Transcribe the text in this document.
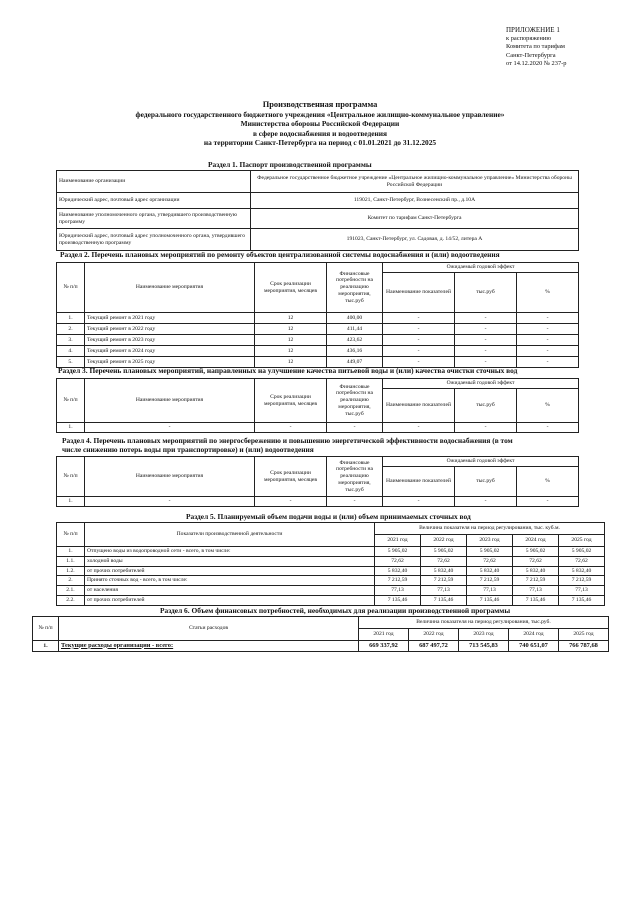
ПРИЛОЖЕНИЕ 1
к распоряжению
Комитета по тарифам
Санкт-Петербурга
от 14.12.2020 № 237-р
Производственная программа
федерального государственного бюджетного учреждения «Центральное жилищно-коммунальное управление»
Министерства обороны Российской Федерации
в сфере водоснабжения и водоотведения
на территории Санкт-Петербурга на период с 01.01.2021 до 31.12.2025
Раздел 1. Паспорт производственной программы
Наименование организации	Федеральное государственное бюджетное учреждение «Центральное жилищно-коммунальное управление» Министерства обороны Российской Федерации
Юридический адрес, почтовый адрес организации	119021, Санкт-Петербург, Вознесенский пр., д.10А
Наименование уполномоченного органа, утвердившего производственную программу	Комитет по тарифам Санкт-Петербурга
Юридический адрес, почтовый адрес уполномоченного органа, утвердившего производственную программу	191023, Санкт-Петербург, ул. Садовая, д. 14/52, литера А
Раздел 2. Перечень плановых мероприятий по ремонту объектов централизованной системы водоснабжения и (или) водоотведения
№ п/п	Наименование мероприятия	Срок реализации мероприятия, месяцев	Финансовые потребности на реализацию мероприятия, тыс.руб	Ожидаемый годовой эффект		
				Наименование показателей	тыс.руб	%
1.	Текущий ремонт в 2021 году	12	400,00	-	-	-
2.	Текущий ремонт в 2022 году	12	411,44	-	-	-
3.	Текущий ремонт в 2023 году	12	423,62	-	-	-
4.	Текущий ремонт в 2024 году	12	436,16	-	-	-
5.	Текущий ремонт в 2025 году	12	449,07	-	-	-
Раздел 3. Перечень плановых мероприятий, направленных на улучшение качества питьевой воды и (или) качества очистки сточных вод
№ п/п	Наименование мероприятия	Срок реализации мероприятия, месяцев	Финансовые потребности на реализацию мероприятия, тыс.руб	Ожидаемый годовой эффект		
				Наименование показателей	тыс.руб	%
1.	-	-	-	-	-	-
Раздел 4. Перечень плановых мероприятий по энергосбережению и повышению энергетической эффективности водоснабжения (в том
числе снижению потерь воды при транспортировке) и (или) водоотведения
№ п/п	Наименование мероприятия	Срок реализации мероприятия, месяцев	Финансовые потребности на реализацию мероприятия, тыс.руб	Ожидаемый годовой эффект		
				Наименование показателей	тыс.руб	%
1.	-	-	-	-	-	-
Раздел 5. Планируемый объем подачи воды и (или) объем принимаемых сточных вод
№ п/п	Показатели производственной деятельности	Величина показателя на период регулирования, тыс. куб.м.				
		2021 год	2022 год	2023 год	2024 год	2025 год
1.	Отпущено воды из водопроводной сети - всего, в том числе:	5 905,02	5 905,02	5 905,02	5 905,02	5 905,02
1.1.	холодной воды	72,62	72,62	72,62	72,62	72,62
1.2.	от прочих потребителей	5 832,40	5 832,40	5 832,40	5 832,40	5 832,40
2.	Принято сточных вод - всего, в том числе:	7 212,59	7 212,59	7 212,59	7 212,59	7 212,59
2.1.	от населения	77,13	77,13	77,13	77,13	77,13
2.2.	от прочих потребителей	7 135,46	7 135,46	7 135,46	7 135,46	7 135,46
Раздел 6. Объем финансовых потребностей, необходимых для реализации производственной программы
№ п/п	Статьи расходов	Величина показателя на период регулирования, тыс.руб.				
		2021 год	2022 год	2023 год	2024 год	2025 год
1.	Текущие расходы организации - всего:	669 337,92	687 497,72	713 545,83	740 651,07	766 787,68
